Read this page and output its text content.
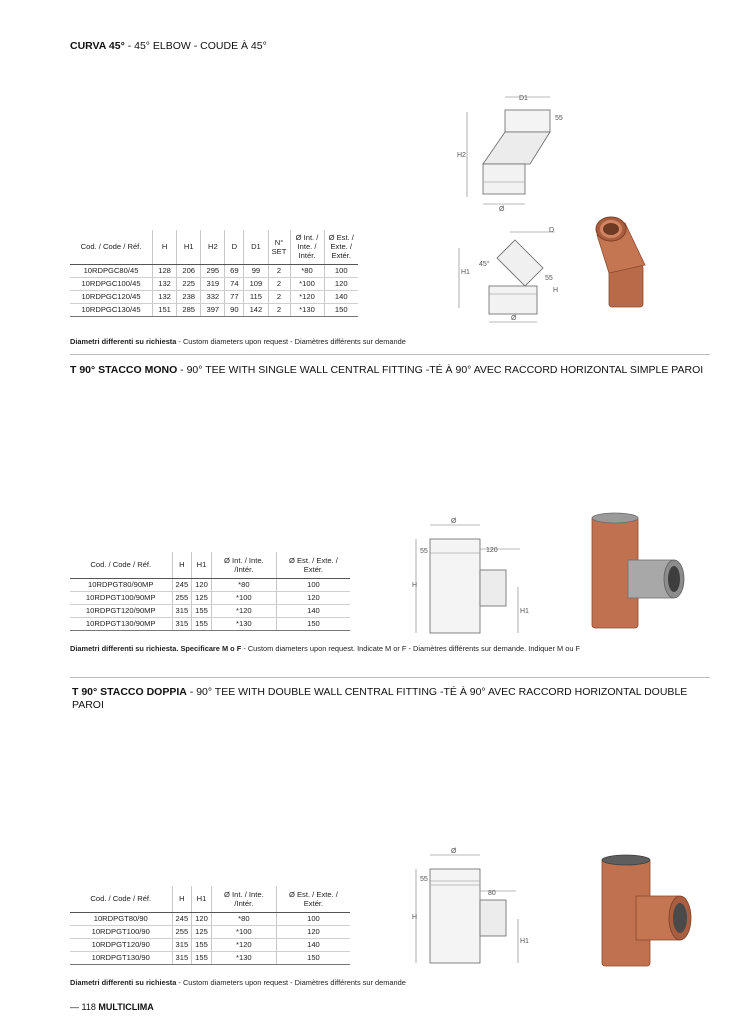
CURVA 45° - 45° ELBOW - COUDE À 45°
D1
55
H2
Ø
D
H1
45°
55
H
Ø
Cod. / Code / Réf.	H	H1	H2	D	D1	N° SET	Ø Int. / Inte. / Intér.	Ø Est. / Exte. / Extér.
10RDPGC80/45	128	206	295	69	99	2	*80	100
10RDPGC100/45	132	225	319	74	109	2	*100	120
10RDPGC120/45	132	238	332	77	115	2	*120	140
10RDPGC130/45	151	285	397	90	142	2	*130	150
Diametri differenti su richiesta - Custom diameters upon request - Diamètres différents sur demande
T 90° STACCO MONO - 90° TEE WITH SINGLE WALL CENTRAL FITTING -TÉ À 90° AVEC RACCORD HORIZONTAL SIMPLE PAROI
Ø
55
H
120
H1
Cod. / Code / Réf.	H	H1	Ø Int. / Inte. /Intér.	Ø Est. / Exte. / Extér.
10RDPGT80/90MP	245	120	*80	100
10RDPGT100/90MP	255	125	*100	120
10RDPGT120/90MP	315	155	*120	140
10RDPGT130/90MP	315	155	*130	150
Diametri differenti su richiesta. Specificare M o F - Custom diameters upon request. Indicate M or F - Diamètres différents sur demande. Indiquer M ou F
T 90° STACCO DOPPIA - 90° TEE WITH DOUBLE WALL CENTRAL FITTING -TÉ À 90° AVEC RACCORD HORIZONTAL DOUBLE PAROI
Ø
55
H
80
H1
Cod. / Code / Réf.	H	H1	Ø Int. / Inte. /Intér.	Ø Est. / Exte. / Extér.
10RDPGT80/90	245	120	*80	100
10RDPGT100/90	255	125	*100	120
10RDPGT120/90	315	155	*120	140
10RDPGT130/90	315	155	*130	150
Diametri differenti su richiesta - Custom diameters upon request - Diamètres différents sur demande
— 118 MULTICLIMA
